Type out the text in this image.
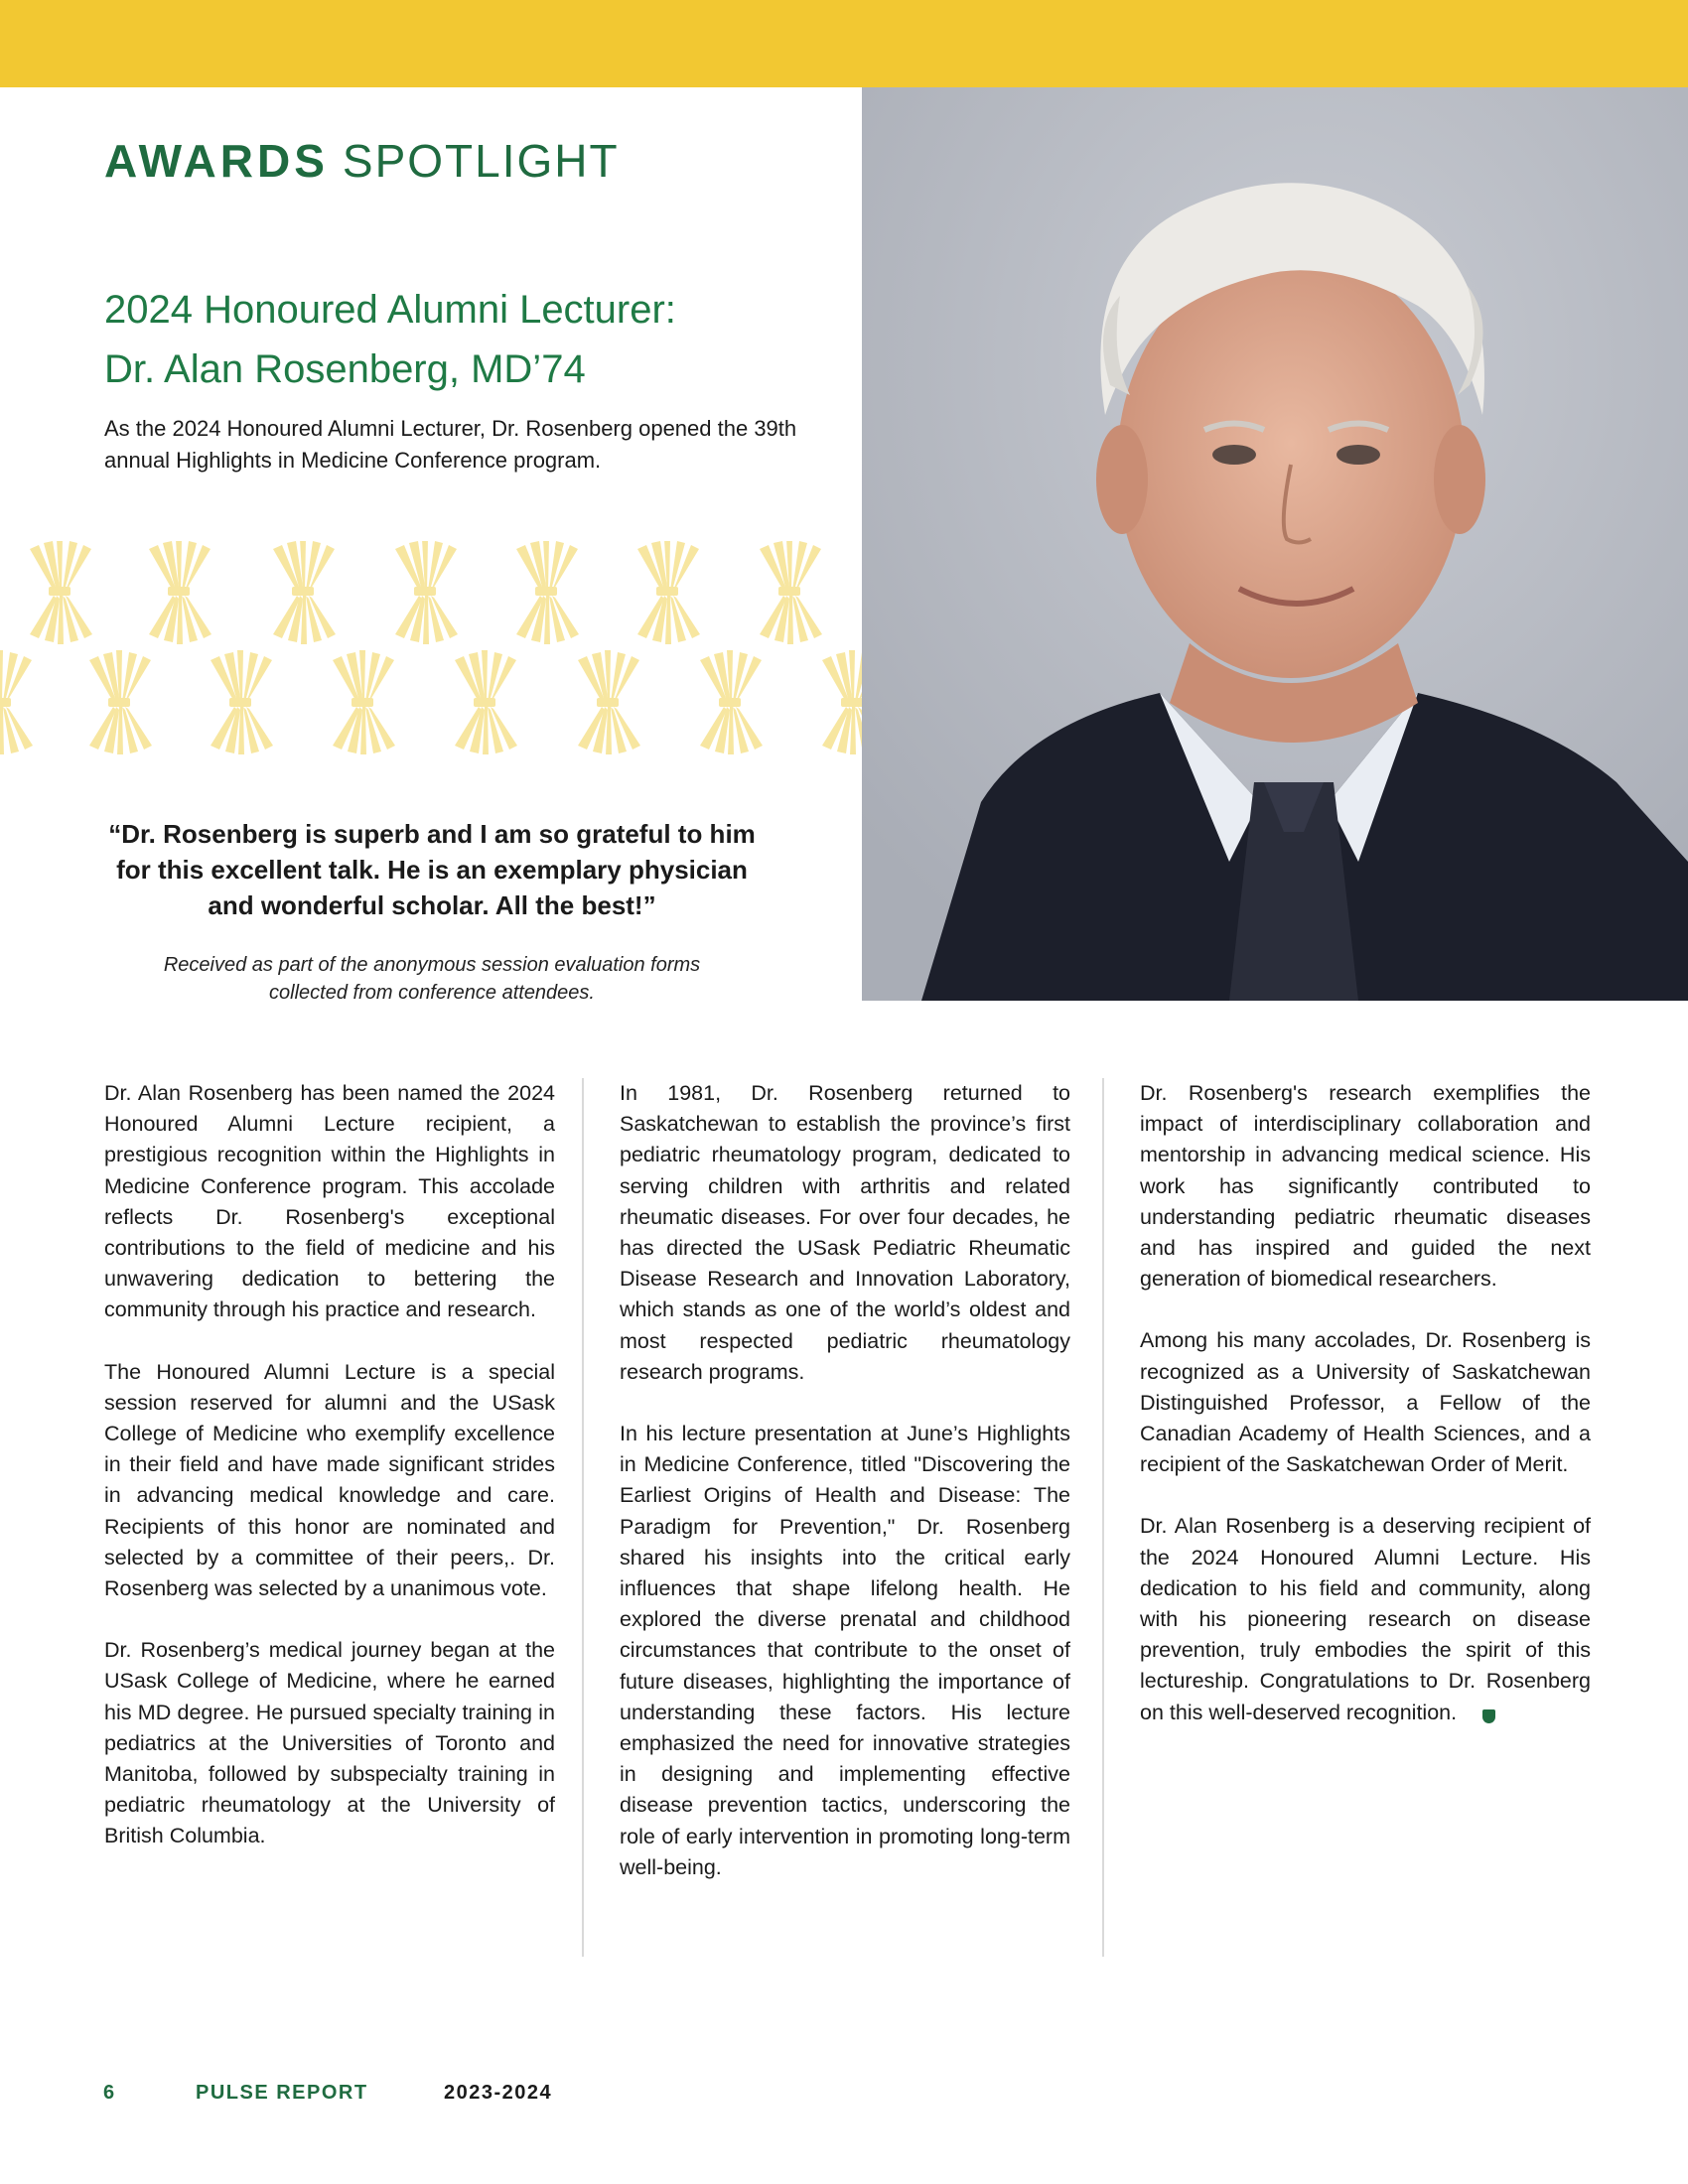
AWARDS SPOTLIGHT
2024 Honoured Alumni Lecturer:
Dr. Alan Rosenberg, MD’74
As the 2024 Honoured Alumni Lecturer, Dr. Rosenberg opened the 39th annual Highlights in Medicine Conference program.
“Dr. Rosenberg is superb and I am so grateful to him for this excellent talk. He is an exemplary physician and wonderful scholar. All the best!”
Received as part of the anonymous session evaluation forms collected from conference attendees.

Dr. Alan Rosenberg has been named the 2024 Honoured Alumni Lecture recipient, a prestigious recognition within the Highlights in Medicine Conference program. This accolade reflects Dr. Rosenberg's exceptional contributions to the field of medicine and his unwavering dedication to bettering the community through his practice and research.

The Honoured Alumni Lecture is a special session reserved for alumni and the USask College of Medicine who exemplify excellence in their field and have made significant strides in advancing medical knowledge and care. Recipients of this honor are nominated and selected by a committee of their peers,. Dr. Rosenberg was selected by a unanimous vote.

Dr. Rosenberg’s medical journey began at the USask College of Medicine, where he earned his MD degree. He pursued specialty training in pediatrics at the Universities of Toronto and Manitoba, followed by subspecialty training in pediatric rheumatology at the University of British Columbia.

In 1981, Dr. Rosenberg returned to Saskatchewan to establish the province’s first pediatric rheumatology program, dedicated to serving children with arthritis and related rheumatic diseases. For over four decades, he has directed the USask Pediatric Rheumatic Disease Research and Innovation Laboratory, which stands as one of the world’s oldest and most respected pediatric rheumatology research programs.

In his lecture presentation at June’s Highlights in Medicine Conference, titled "Discovering the Earliest Origins of Health and Disease: The Paradigm for Prevention," Dr. Rosenberg shared his insights into the critical early influences that shape lifelong health. He explored the diverse prenatal and childhood circumstances that contribute to the onset of future diseases, highlighting the importance of understanding these factors. His lecture emphasized the need for innovative strategies in designing and implementing effective disease prevention tactics, underscoring the role of early intervention in promoting long-term well-being.

Dr. Rosenberg's research exemplifies the impact of interdisciplinary collaboration and mentorship in advancing medical science. His work has significantly contributed to understanding pediatric rheumatic diseases and has inspired and guided the next generation of biomedical researchers.

Among his many accolades, Dr. Rosenberg is recognized as a University of Saskatchewan Distinguished Professor, a Fellow of the Canadian Academy of Health Sciences, and a recipient of the Saskatchewan Order of Merit.

Dr. Alan Rosenberg is a deserving recipient of the 2024 Honoured Alumni Lecture. His dedication to his field and community, along with his pioneering research on disease prevention, truly embodies the spirit of this lectureship. Congratulations to Dr. Rosenberg on this well-deserved recognition.

6	PULSE REPORT	2023-2024
